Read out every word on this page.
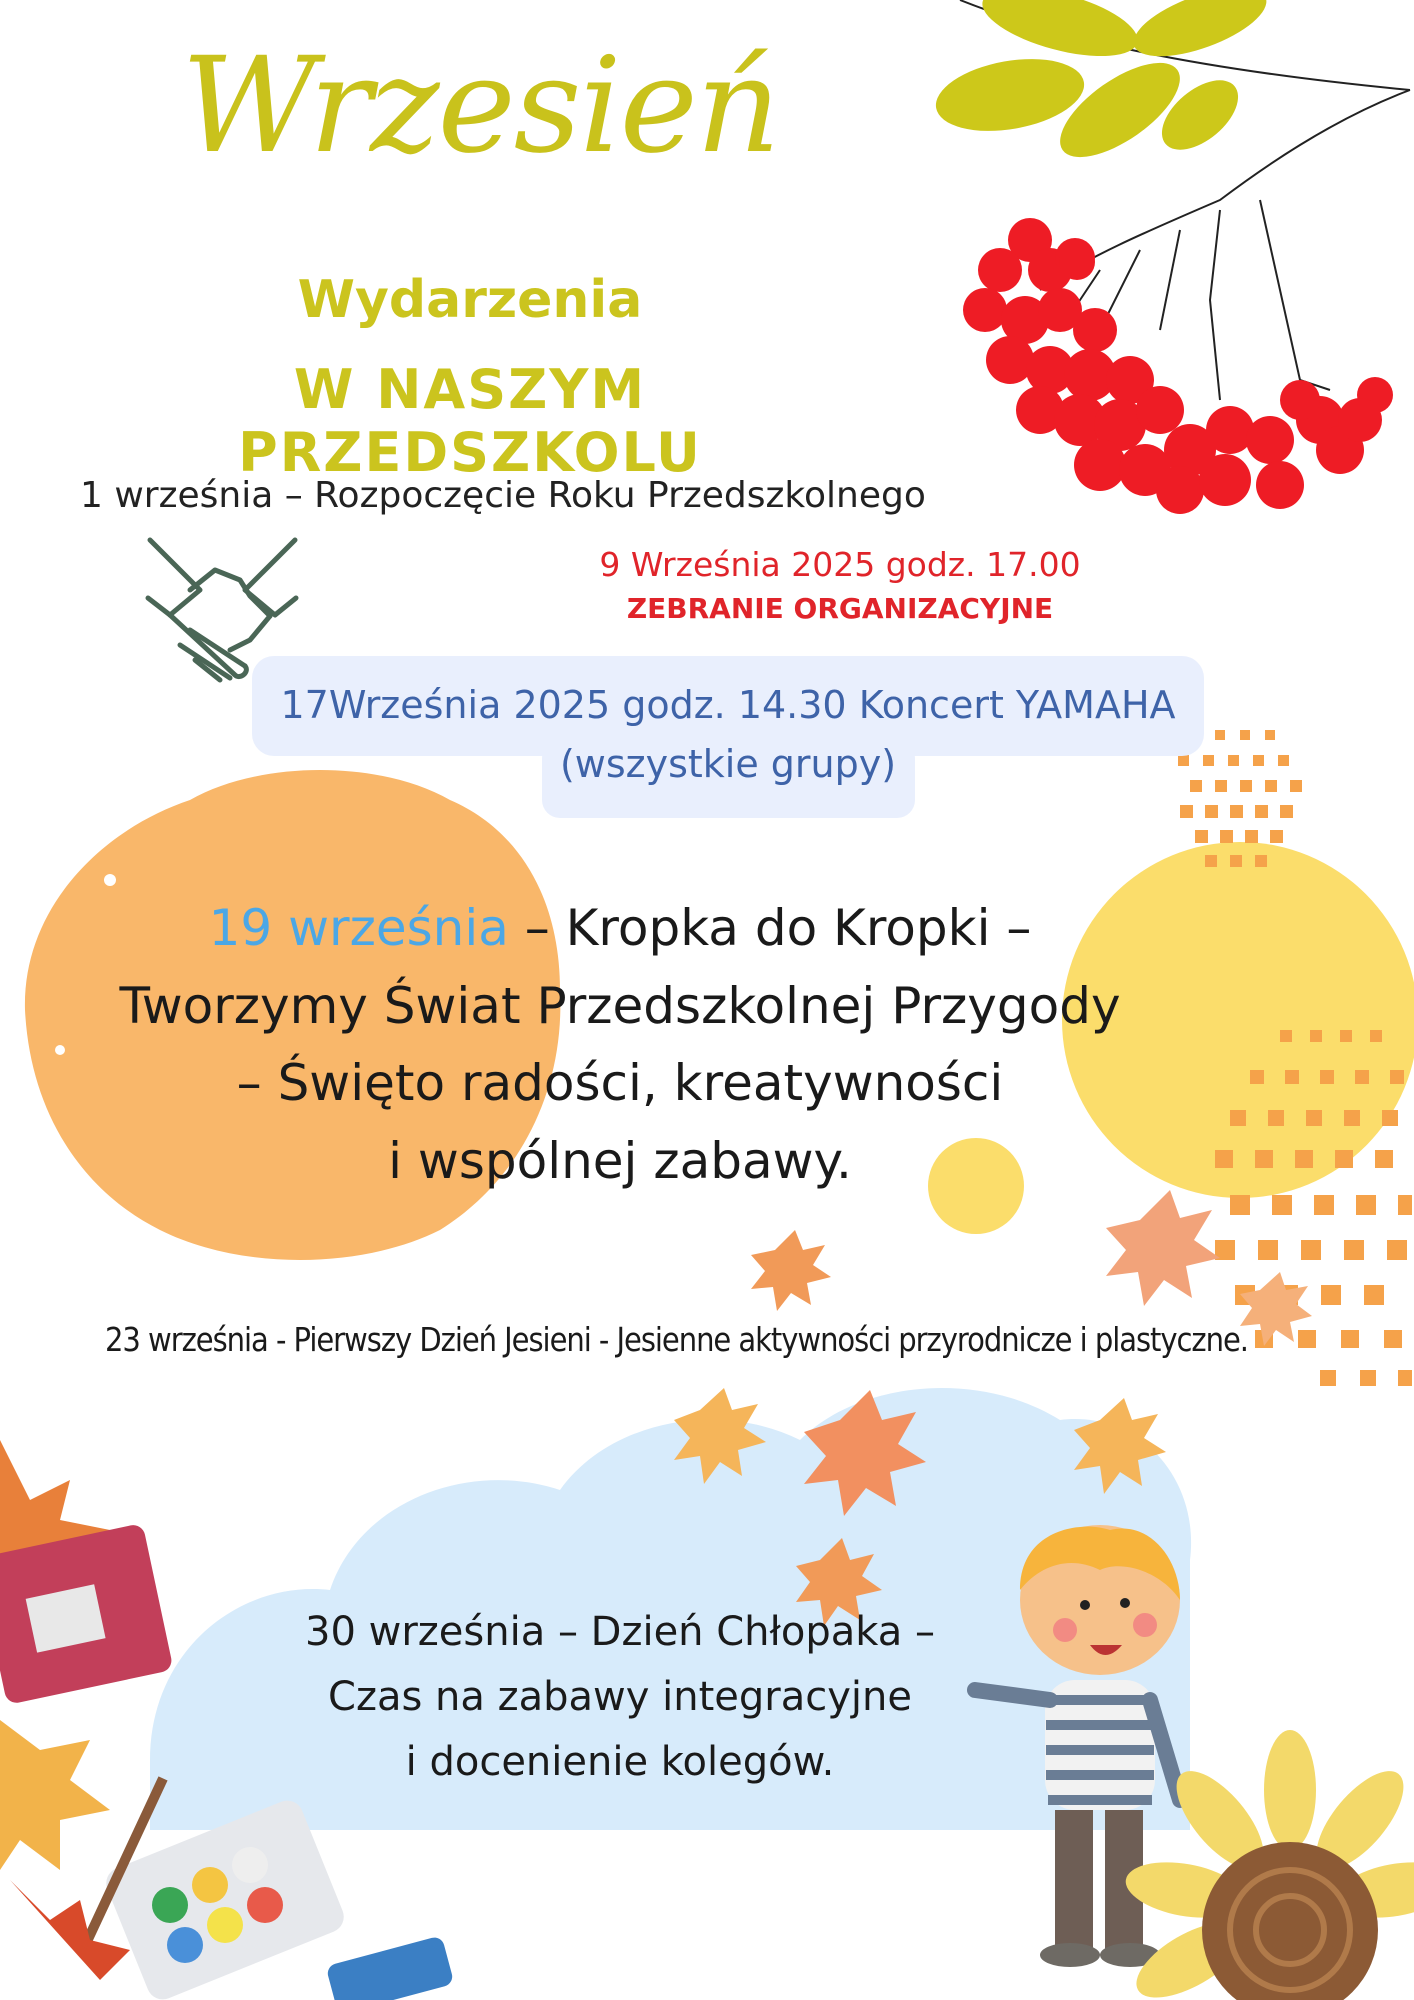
Wrzesień
Wydarzenia
W NASZYM PRZEDSZKOLU
1 września – Rozpoczęcie Roku Przedszkolnego
9 Września 2025 godz. 17.00
ZEBRANIE ORGANIZACYJNE
17Września 2025 godz. 14.30 Koncert YAMAHA
(wszystkie grupy)
19 września – Kropka do Kropki –
Tworzymy Świat Przedszkolnej Przygody
– Święto radości, kreatywności
i wspólnej zabawy.
23 września - Pierwszy Dzień Jesieni - Jesienne aktywności przyrodnicze i plastyczne.
30 września – Dzień Chłopaka –
Czas na zabawy integracyjne
i docenienie kolegów.
